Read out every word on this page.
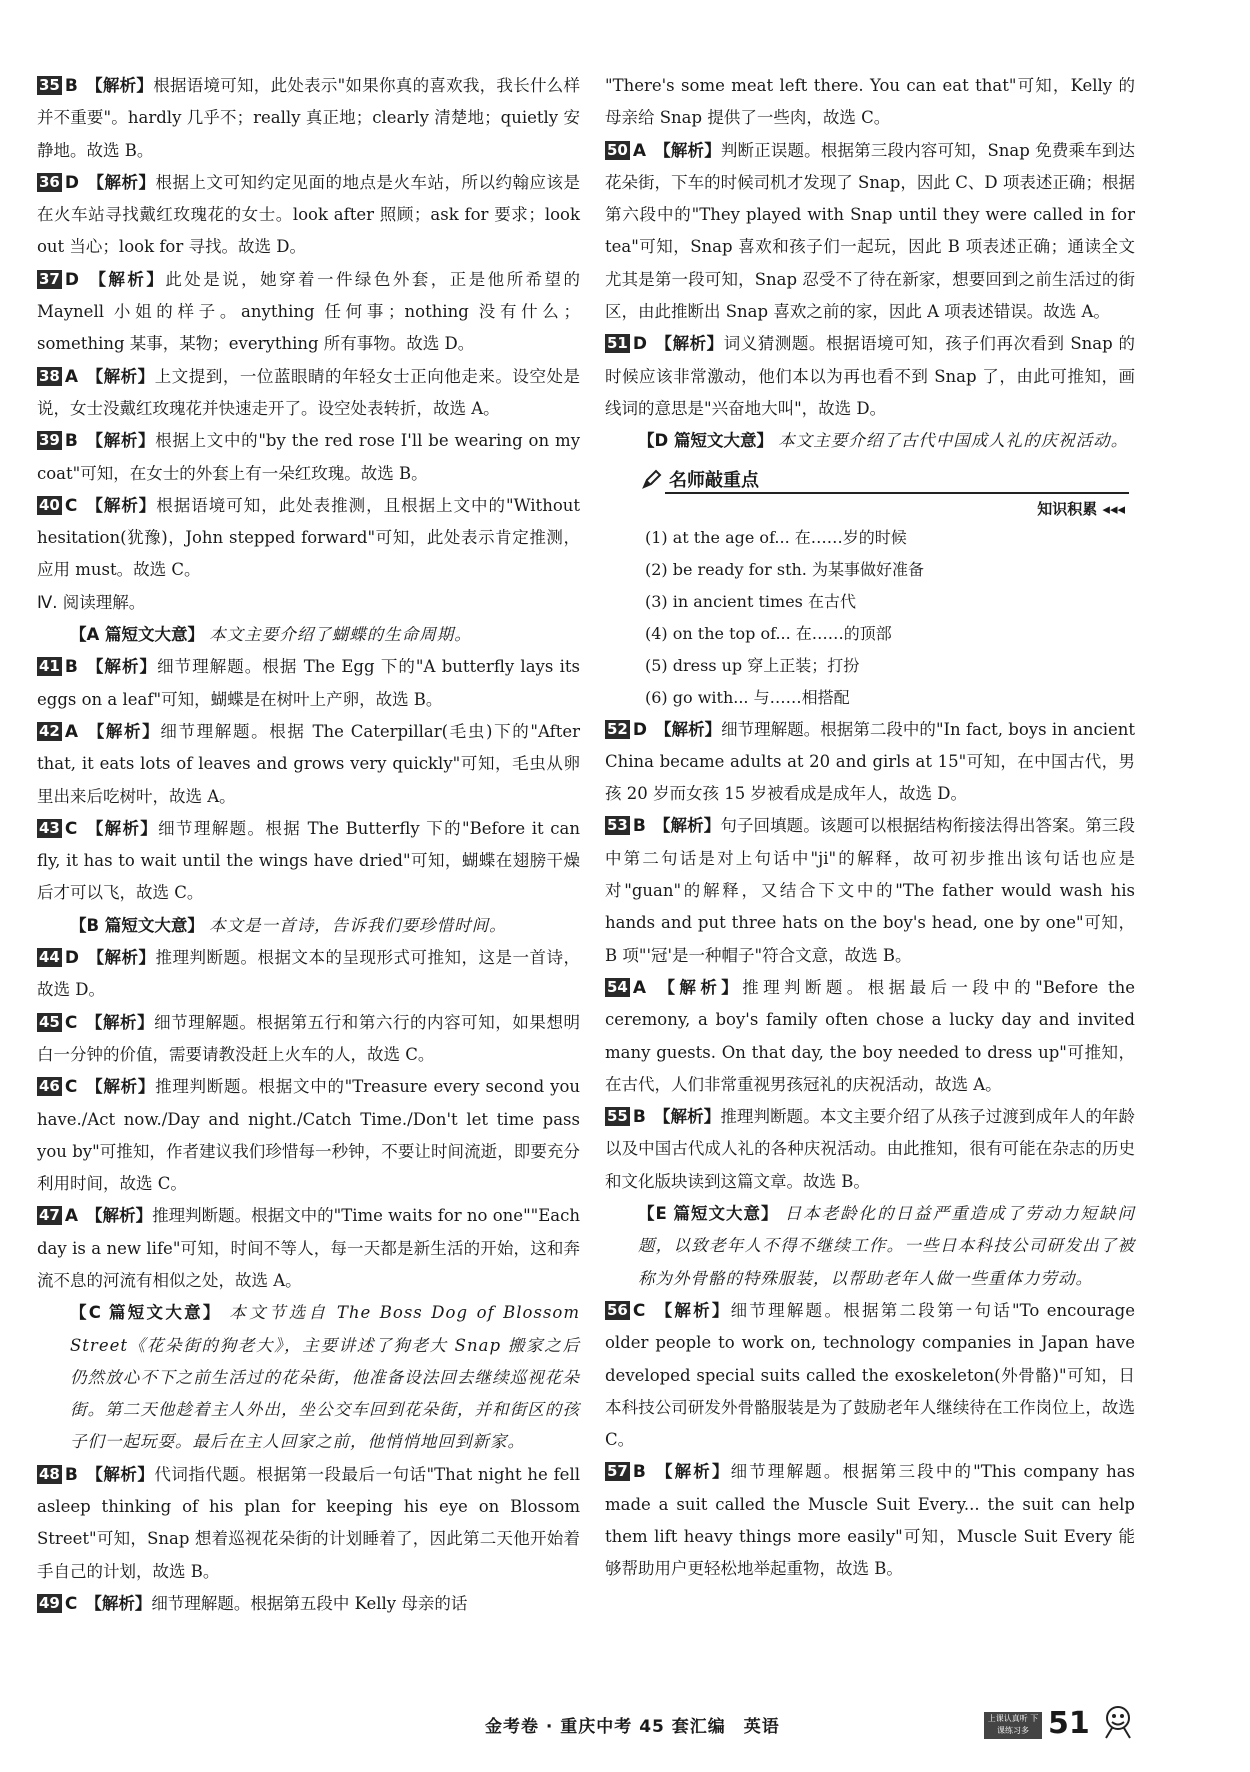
35 B 【解析】根据语境可知，此处表示"如果你真的喜欢我，我长什么样并不重要"。hardly 几乎不；really 真正地；clearly 清楚地；quietly 安静地。故选 B。

36 D 【解析】根据上文可知约定见面的地点是火车站，所以约翰应该是在火车站寻找戴红玫瑰花的女士。look after 照顾；ask for 要求；look out 当心；look for 寻找。故选 D。

37 D 【解析】此处是说，她穿着一件绿色外套，正是他所希望的 Maynell 小姐的样子。anything 任何事；nothing 没有什么；something 某事，某物；everything 所有事物。故选 D。

38 A 【解析】上文提到，一位蓝眼睛的年轻女士正向他走来。设空处是说，女士没戴红玫瑰花并快速走开了。设空处表转折，故选 A。

39 B 【解析】根据上文中的"by the red rose I'll be wearing on my coat"可知，在女士的外套上有一朵红玫瑰。故选 B。

40 C 【解析】根据语境可知，此处表推测，且根据上文中的"Without hesitation(犹豫)，John stepped forward"可知，此处表示肯定推测，应用 must。故选 C。

Ⅳ. 阅读理解。

【A 篇短文大意】 本文主要介绍了蝴蝶的生命周期。

41 B 【解析】细节理解题。根据 The Egg 下的"A butterfly lays its eggs on a leaf"可知，蝴蝶是在树叶上产卵，故选 B。

42 A 【解析】细节理解题。根据 The Caterpillar(毛虫)下的"After that, it eats lots of leaves and grows very quickly"可知，毛虫从卵里出来后吃树叶，故选 A。

43 C 【解析】细节理解题。根据 The Butterfly 下的"Before it can fly, it has to wait until the wings have dried"可知，蝴蝶在翅膀干燥后才可以飞，故选 C。

【B 篇短文大意】 本文是一首诗，告诉我们要珍惜时间。

44 D 【解析】推理判断题。根据文本的呈现形式可推知，这是一首诗，故选 D。

45 C 【解析】细节理解题。根据第五行和第六行的内容可知，如果想明白一分钟的价值，需要请教没赶上火车的人，故选 C。

46 C 【解析】推理判断题。根据文中的"Treasure every second you have./Act now./Day and night./Catch Time./Don't let time pass you by"可推知，作者建议我们珍惜每一秒钟，不要让时间流逝，即要充分利用时间，故选 C。

47 A 【解析】推理判断题。根据文中的"Time waits for no one""Each day is a new life"可知，时间不等人，每一天都是新生活的开始，这和奔流不息的河流有相似之处，故选 A。

【C 篇短文大意】 本文节选自 The Boss Dog of Blossom Street《花朵街的狗老大》，主要讲述了狗老大 Snap 搬家之后仍然放心不下之前生活过的花朵街，他准备设法回去继续巡视花朵街。第二天他趁着主人外出，坐公交车回到花朵街，并和街区的孩子们一起玩耍。最后在主人回家之前，他悄悄地回到新家。

48 B 【解析】代词指代题。根据第一段最后一句话"That night he fell asleep thinking of his plan for keeping his eye on Blossom Street"可知，Snap 想着巡视花朵街的计划睡着了，因此第二天他开始着手自己的计划，故选 B。

49 C 【解析】细节理解题。根据第五段中 Kelly 母亲的话

"There's some meat left there. You can eat that"可知，Kelly 的母亲给 Snap 提供了一些肉，故选 C。

50 A 【解析】判断正误题。根据第三段内容可知，Snap 免费乘车到达花朵街，下车的时候司机才发现了 Snap，因此 C、D 项表述正确；根据第六段中的"They played with Snap until they were called in for tea"可知，Snap 喜欢和孩子们一起玩，因此 B 项表述正确；通读全文尤其是第一段可知，Snap 忍受不了待在新家，想要回到之前生活过的街区，由此推断出 Snap 喜欢之前的家，因此 A 项表述错误。故选 A。

51 D 【解析】词义猜测题。根据语境可知，孩子们再次看到 Snap 的时候应该非常激动，他们本以为再也看不到 Snap 了，由此可推知，画线词的意思是"兴奋地大叫"，故选 D。

【D 篇短文大意】 本文主要介绍了古代中国成人礼的庆祝活动。

名师敲重点
知识积累 ◂◂◂

(1) at the age of... 在……岁的时候

(2) be ready for sth. 为某事做好准备

(3) in ancient times 在古代

(4) on the top of... 在……的顶部

(5) dress up 穿上正装；打扮

(6) go with... 与……相搭配

52 D 【解析】细节理解题。根据第二段中的"In fact, boys in ancient China became adults at 20 and girls at 15"可知，在中国古代，男孩 20 岁而女孩 15 岁被看成是成年人，故选 D。

53 B 【解析】句子回填题。该题可以根据结构衔接法得出答案。第三段中第二句话是对上句话中"ji"的解释，故可初步推出该句话也应是对"guan"的解释，又结合下文中的"The father would wash his hands and put three hats on the boy's head, one by one"可知，B 项"'冠'是一种帽子"符合文意，故选 B。

54 A 【解析】推理判断题。根据最后一段中的"Before the ceremony, a boy's family often chose a lucky day and invited many guests. On that day, the boy needed to dress up"可推知，在古代，人们非常重视男孩冠礼的庆祝活动，故选 A。

55 B 【解析】推理判断题。本文主要介绍了从孩子过渡到成年人的年龄以及中国古代成人礼的各种庆祝活动。由此推知，很有可能在杂志的历史和文化版块读到这篇文章。故选 B。

【E 篇短文大意】 日本老龄化的日益严重造成了劳动力短缺问题，以致老年人不得不继续工作。一些日本科技公司研发出了被称为外骨骼的特殊服装，以帮助老年人做一些重体力劳动。

56 C 【解析】细节理解题。根据第二段第一句话"To encourage older people to work on, technology companies in Japan have developed special suits called the exoskeleton(外骨骼)"可知，日本科技公司研发外骨骼服装是为了鼓励老年人继续待在工作岗位上，故选 C。

57 B 【解析】细节理解题。根据第三段中的"This company has made a suit called the Muscle Suit Every... the suit can help them lift heavy things more easily"可知，Muscle Suit Every 能够帮助用户更轻松地举起重物，故选 B。

金考卷 · 重庆中考 45 套汇编　英语	上课认真听 下课练习多 51
